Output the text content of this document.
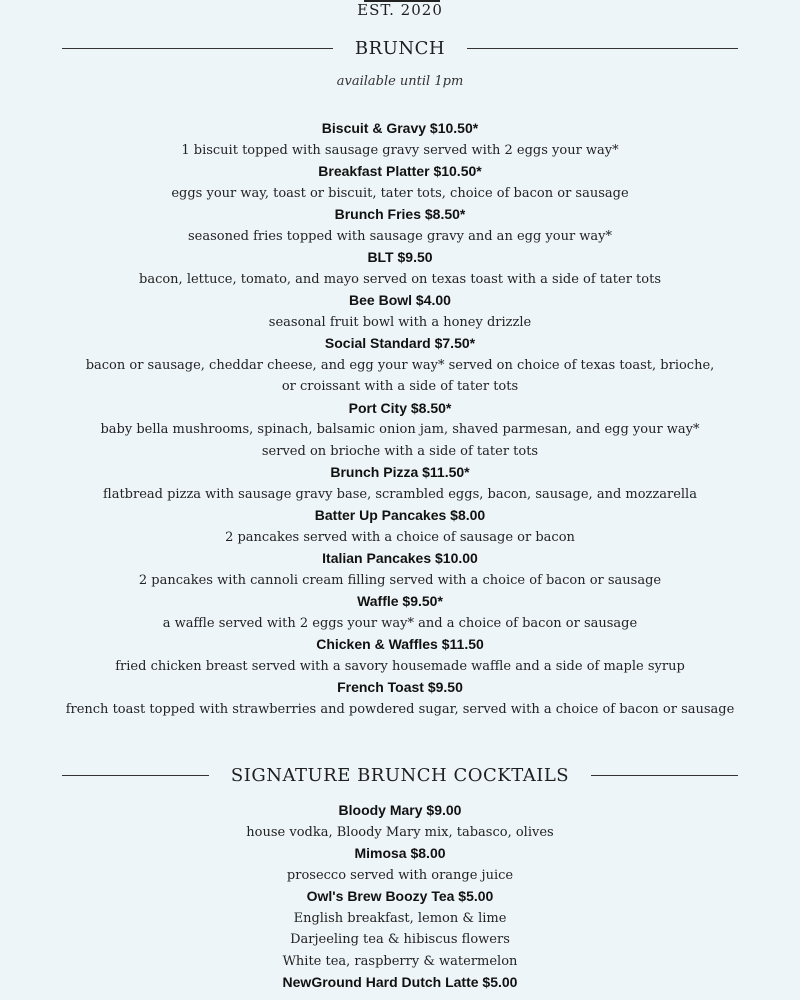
EST. 2020
BRUNCH
available until 1pm
Biscuit & Gravy $10.50*
1 biscuit topped with sausage gravy served with 2 eggs your way*
Breakfast Platter $10.50*
eggs your way, toast or biscuit, tater tots, choice of bacon or sausage
Brunch Fries $8.50*
seasoned fries topped with sausage gravy and an egg your way*
BLT $9.50
bacon, lettuce, tomato, and mayo served on texas toast with a side of tater tots
Bee Bowl $4.00
seasonal fruit bowl with a honey drizzle
Social Standard $7.50*
bacon or sausage, cheddar cheese, and egg your way* served on choice of texas toast, brioche,
or croissant with a side of tater tots
Port City $8.50*
baby bella mushrooms, spinach, balsamic onion jam, shaved parmesan, and egg your way*
served on brioche with a side of tater tots
Brunch Pizza $11.50*
flatbread pizza with sausage gravy base, scrambled eggs, bacon, sausage, and mozzarella
Batter Up Pancakes $8.00
2 pancakes served with a choice of sausage or bacon
Italian Pancakes $10.00
2 pancakes with cannoli cream filling served with a choice of bacon or sausage
Waffle $9.50*
a waffle served with 2 eggs your way* and a choice of bacon or sausage
Chicken & Waffles $11.50
fried chicken breast served with a savory housemade waffle and a side of maple syrup
French Toast $9.50
french toast topped with strawberries and powdered sugar, served with a choice of bacon or sausage
SIGNATURE BRUNCH COCKTAILS
Bloody Mary $9.00
house vodka, Bloody Mary mix, tabasco, olives
Mimosa $8.00
prosecco served with orange juice
Owl's Brew Boozy Tea $5.00
English breakfast, lemon & lime
Darjeeling tea & hibiscus flowers
White tea, raspberry & watermelon
NewGround Hard Dutch Latte $5.00
